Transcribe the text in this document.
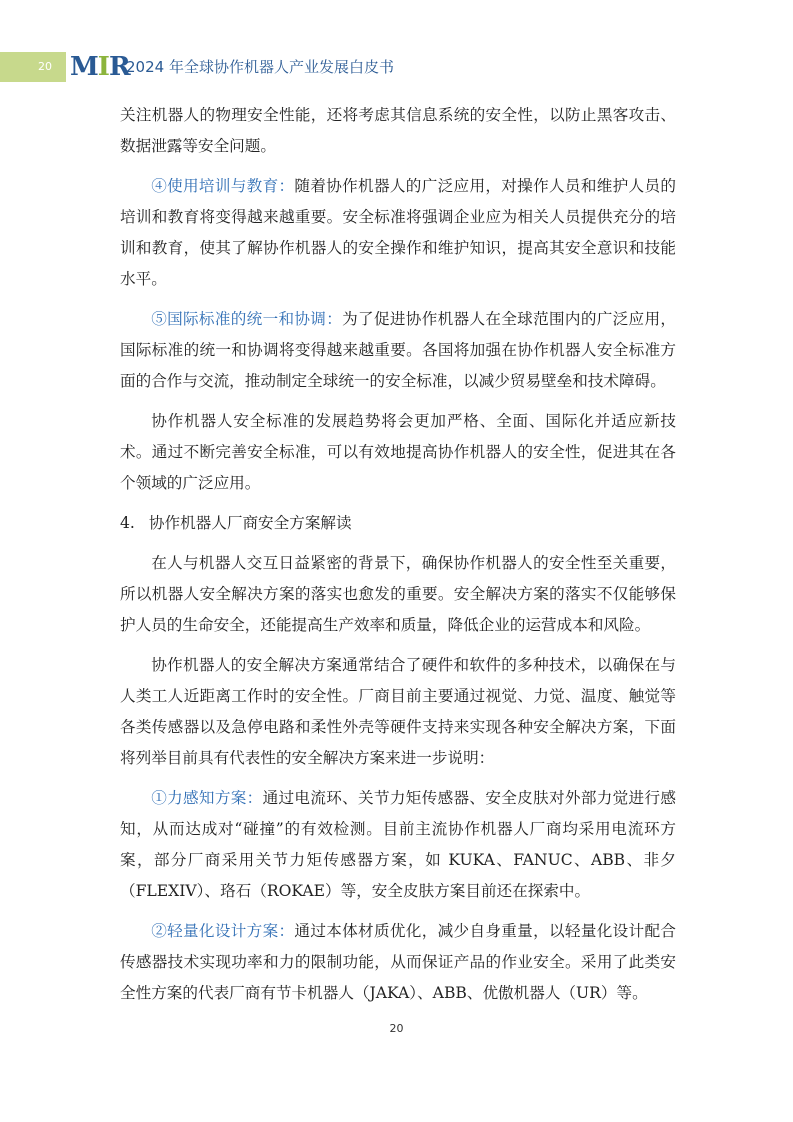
20 MIR
2024 年全球协作机器人产业发展白皮书

关注机器人的物理安全性能，还将考虑其信息系统的安全性，以防止黑客攻击、数据泄露等安全问题。

④使用培训与教育：随着协作机器人的广泛应用，对操作人员和维护人员的培训和教育将变得越来越重要。安全标准将强调企业应为相关人员提供充分的培训和教育，使其了解协作机器人的安全操作和维护知识，提高其安全意识和技能水平。

⑤国际标准的统一和协调：为了促进协作机器人在全球范围内的广泛应用，国际标准的统一和协调将变得越来越重要。各国将加强在协作机器人安全标准方面的合作与交流，推动制定全球统一的安全标准，以减少贸易壁垒和技术障碍。

协作机器人安全标准的发展趋势将会更加严格、全面、国际化并适应新技术。通过不断完善安全标准，可以有效地提高协作机器人的安全性，促进其在各个领域的广泛应用。

4. 协作机器人厂商安全方案解读

在人与机器人交互日益紧密的背景下，确保协作机器人的安全性至关重要，所以机器人安全解决方案的落实也愈发的重要。安全解决方案的落实不仅能够保护人员的生命安全，还能提高生产效率和质量，降低企业的运营成本和风险。

协作机器人的安全解决方案通常结合了硬件和软件的多种技术，以确保在与人类工人近距离工作时的安全性。厂商目前主要通过视觉、力觉、温度、触觉等各类传感器以及急停电路和柔性外壳等硬件支持来实现各种安全解决方案，下面将列举目前具有代表性的安全解决方案来进一步说明：

①力感知方案：通过电流环、关节力矩传感器、安全皮肤对外部力觉进行感知，从而达成对“碰撞”的有效检测。目前主流协作机器人厂商均采用电流环方案，部分厂商采用关节力矩传感器方案，如 KUKA、FANUC、ABB、非夕（FLEXIV）、珞石（ROKAE）等，安全皮肤方案目前还在探索中。

②轻量化设计方案：通过本体材质优化，减少自身重量，以轻量化设计配合传感器技术实现功率和力的限制功能，从而保证产品的作业安全。采用了此类安全性方案的代表厂商有节卡机器人（JAKA）、ABB、优傲机器人（UR）等。

20
